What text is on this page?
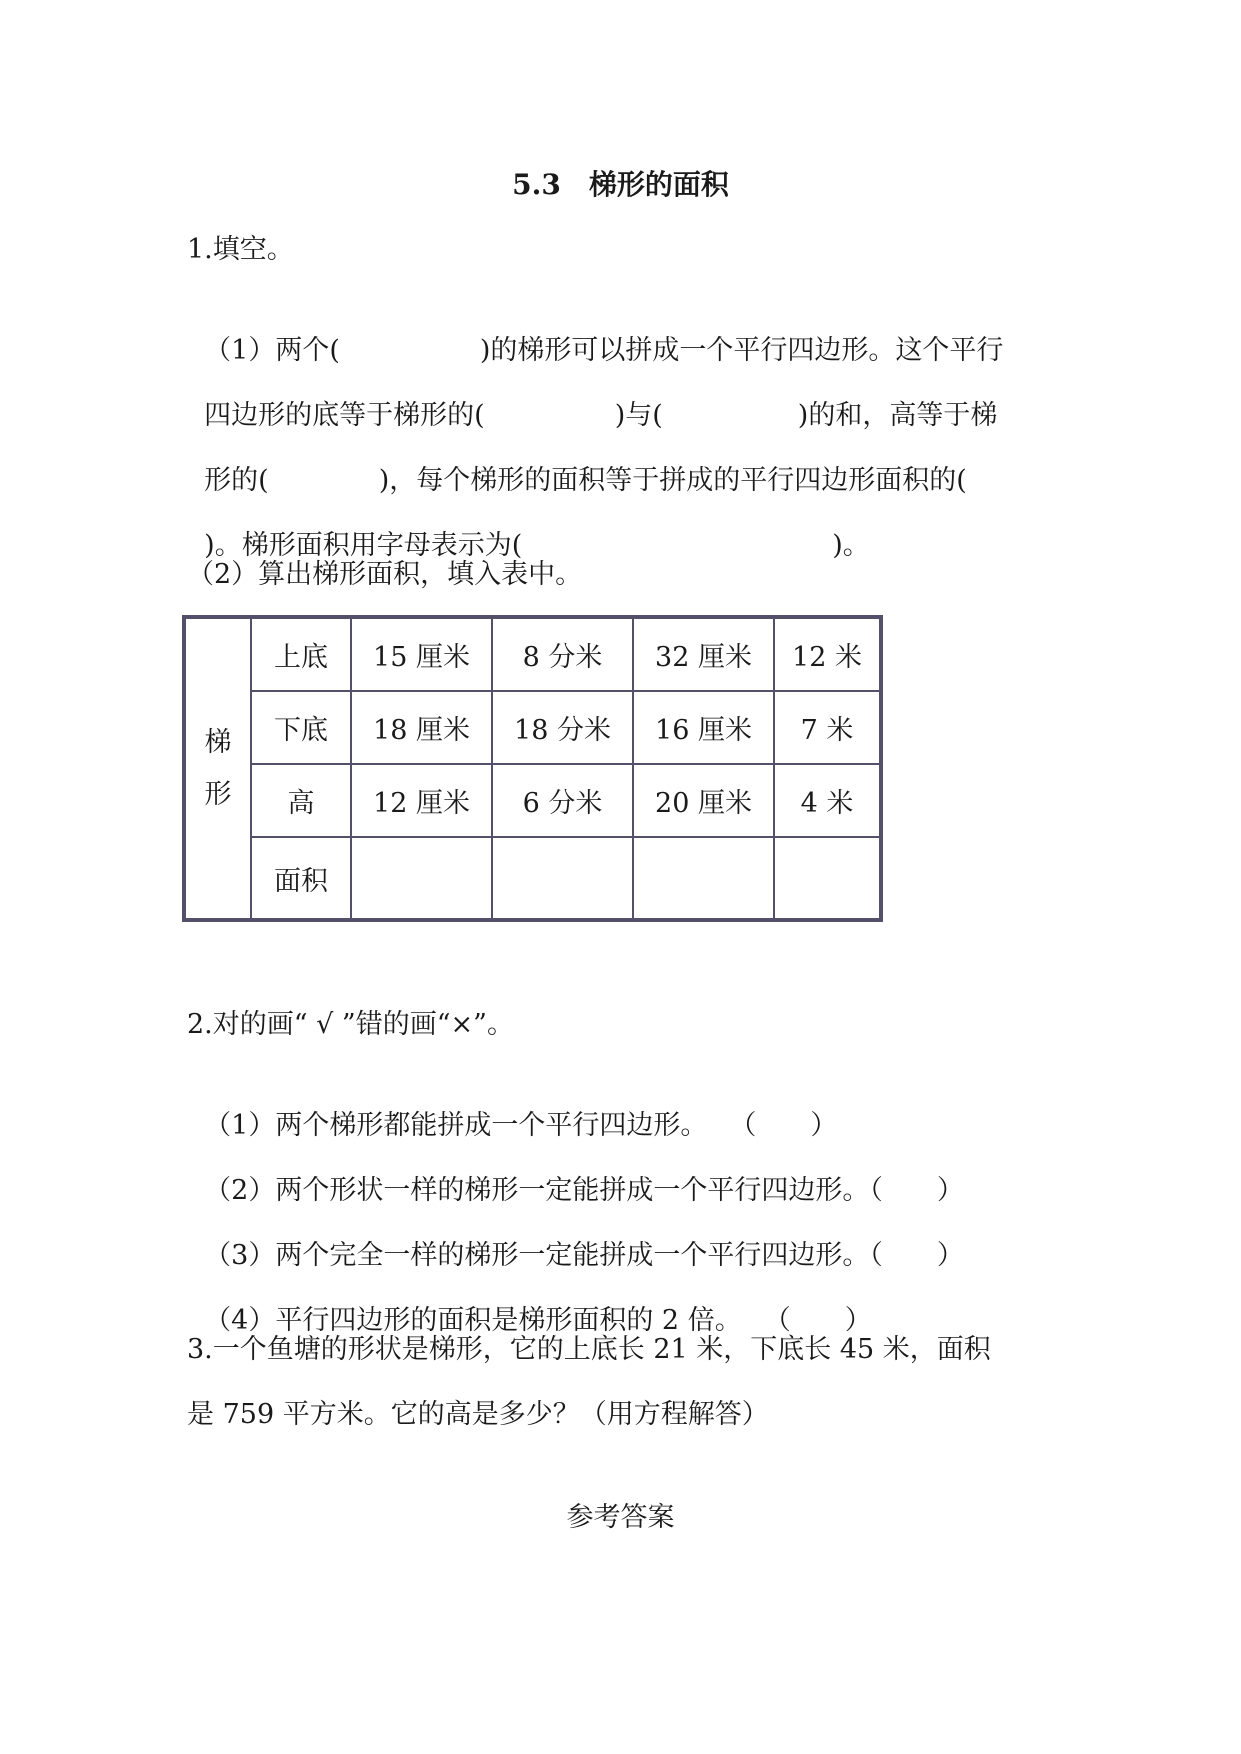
5.3　梯形的面积
1.填空。

（1）两个(	)的梯形可以拼成一个平行四边形。这个平行

四边形的底等于梯形的(	)与(	)的和，高等于梯

形的(	)，每个梯形的面积等于拼成的平行四边形面积的(

)。梯形面积用字母表示为(	)。

（2）算出梯形面积，填入表中。
梯
形	上底	15 厘米	8 分米	32 厘米	12 米
	下底	18 厘米	18 分米	16 厘米	7 米
	高	12 厘米	6 分米	20 厘米	4 米
	面积				
2.对的画“ √ ”错的画“×”。

（1）两个梯形都能拼成一个平行四边形。 （　　）

（2）两个形状一样的梯形一定能拼成一个平行四边形。（　　）

（3）两个完全一样的梯形一定能拼成一个平行四边形。（　　）

（4）平行四边形的面积是梯形面积的 2 倍。 （　　）

3.一个鱼塘的形状是梯形，它的上底长 21 米，下底长 45 米，面积
是 759 平方米。它的高是多少？（用方程解答）
参考答案
